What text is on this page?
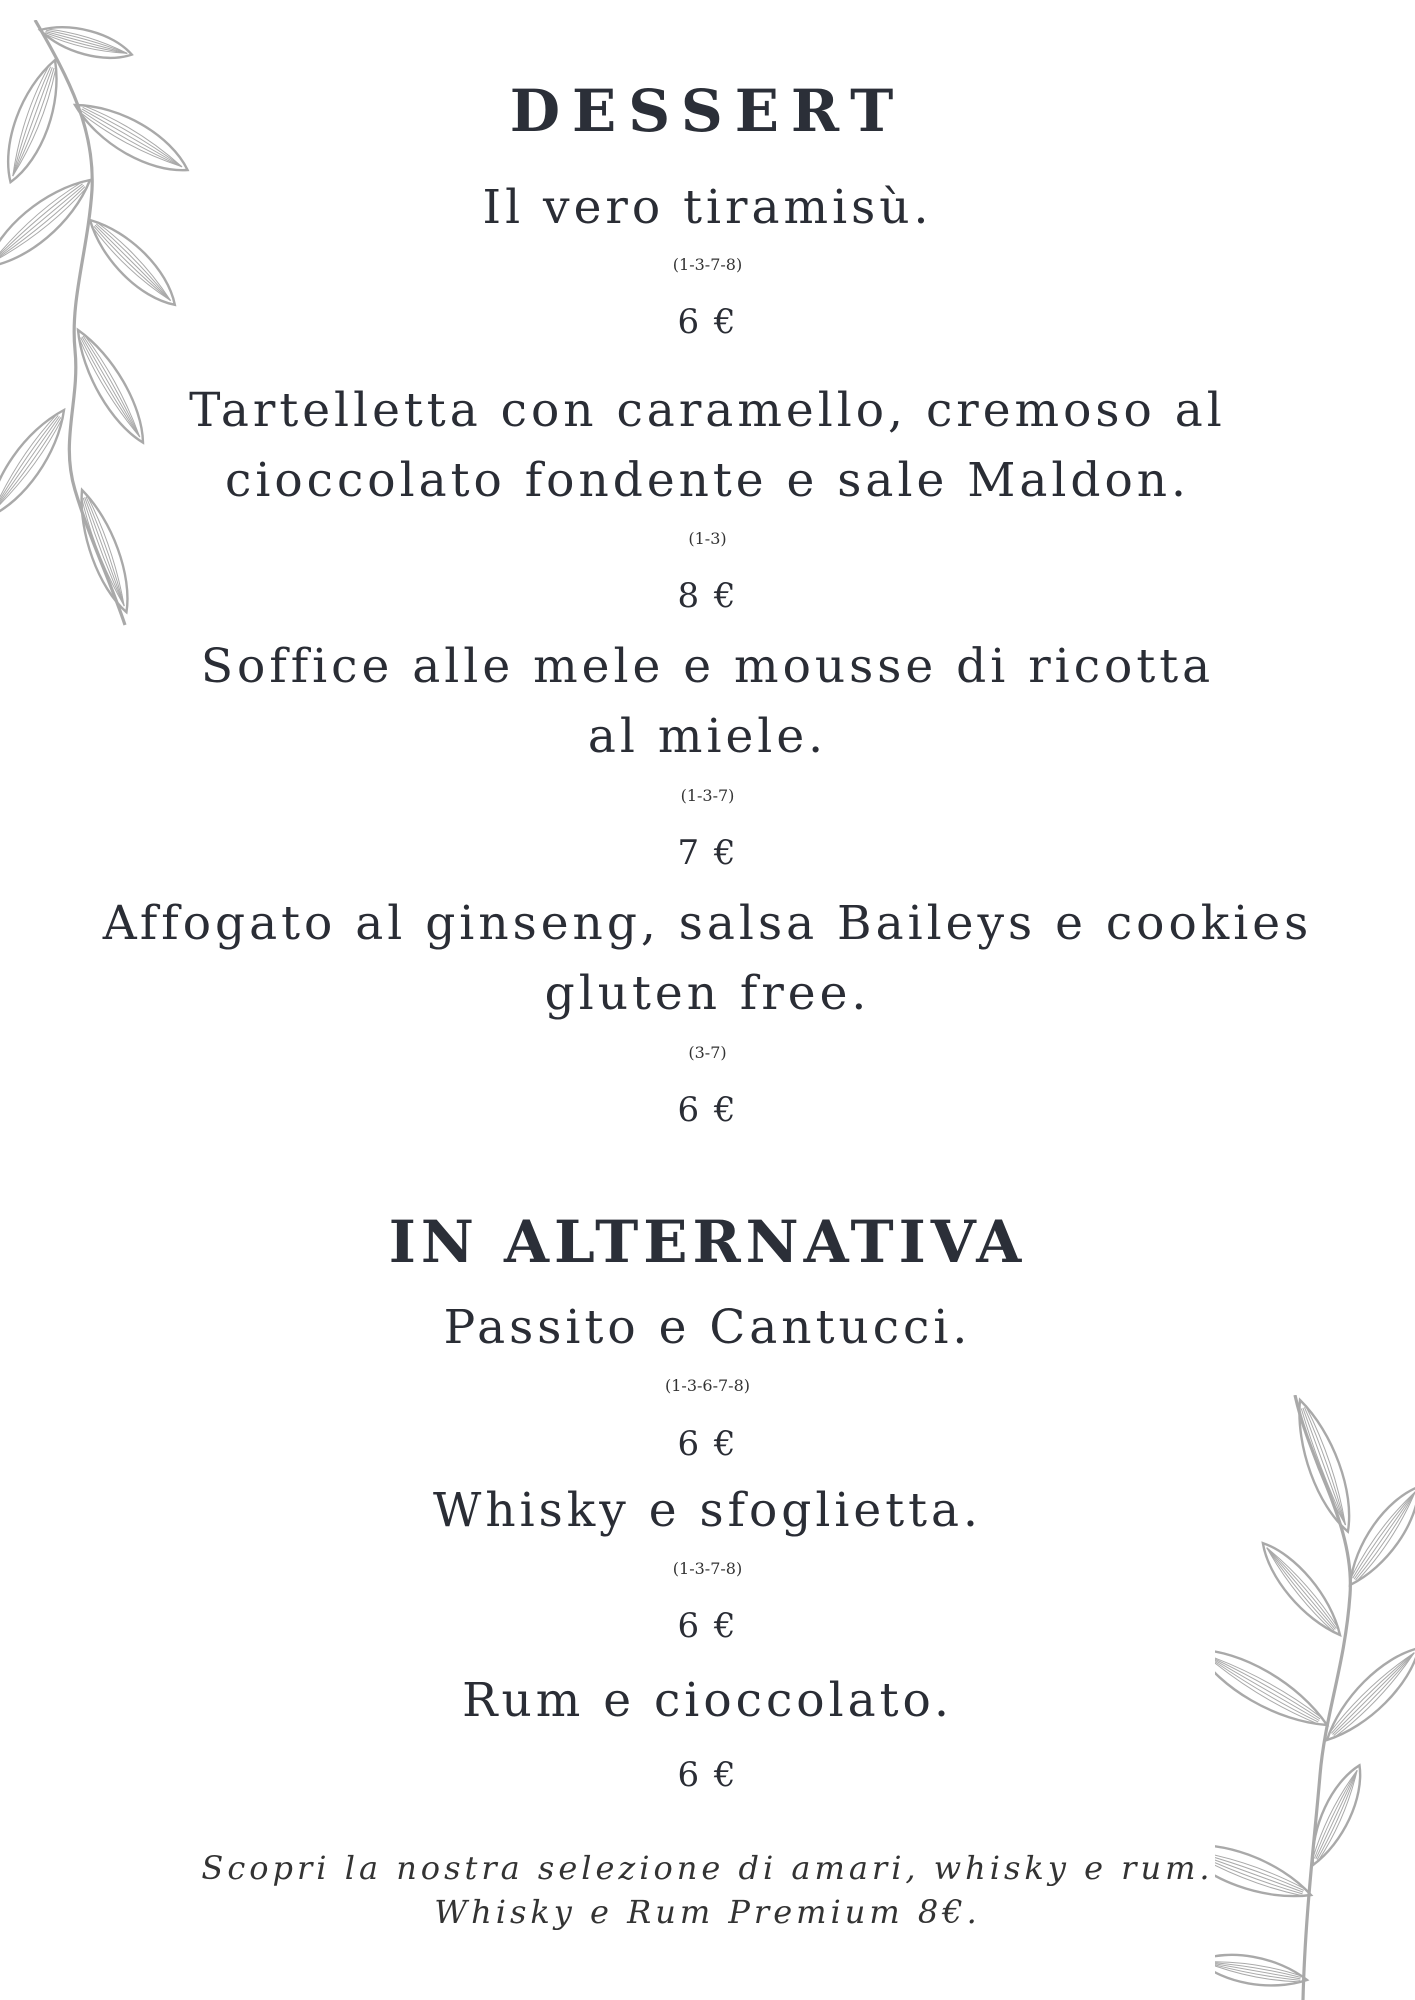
DESSERT
Il vero tiramisù.
(1-3-7-8)
6 €
Tartelletta con caramello, cremoso al
cioccolato fondente e sale Maldon.
(1-3)
8 €
Soffice alle mele e mousse di ricotta
al miele.
(1-3-7)
7 €
Affogato al ginseng, salsa Baileys e cookies
gluten free.
(3-7)
6 €
IN ALTERNATIVA
Passito e Cantucci.
(1-3-6-7-8)
6 €
Whisky e sfoglietta.
(1-3-7-8)
6 €
Rum e cioccolato.
6 €
Scopri la nostra selezione di amari, whisky e rum.
Whisky e Rum Premium 8€.
